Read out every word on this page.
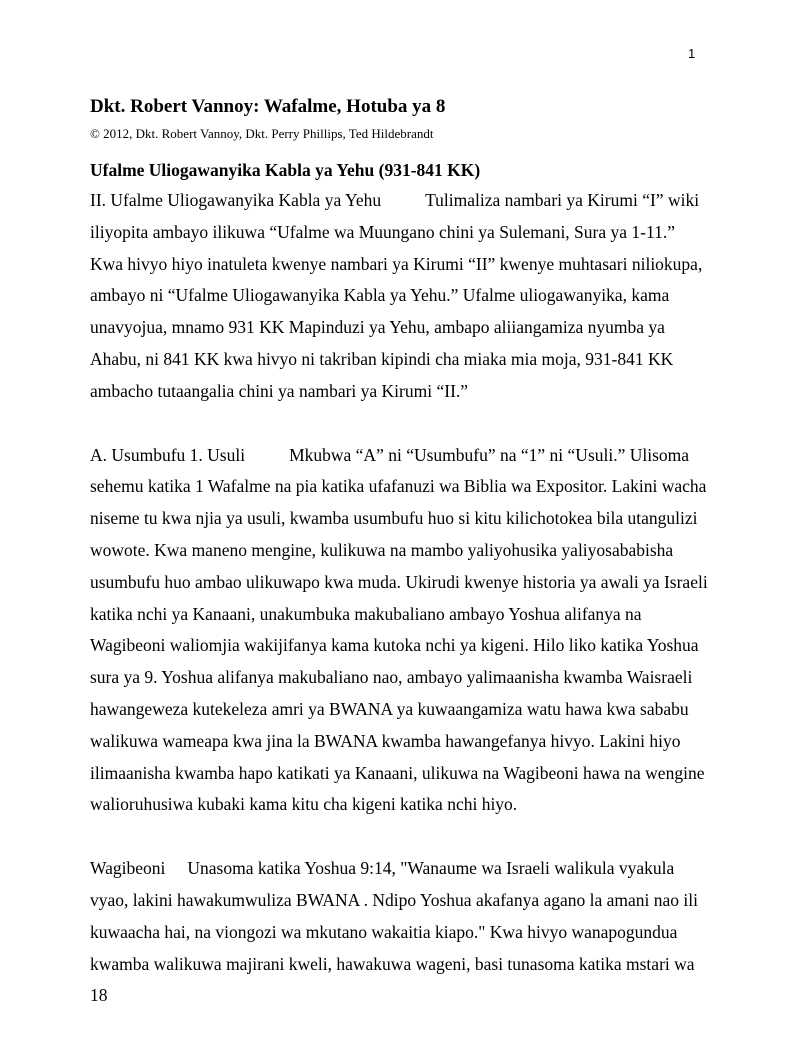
1
Dkt. Robert Vannoy: Wafalme, Hotuba ya 8
© 2012, Dkt. Robert Vannoy, Dkt. Perry Phillips, Ted Hildebrandt
Ufalme Uliogawanyika Kabla ya Yehu (931-841 KK)

II. Ufalme Uliogawanyika Kabla ya Yehu	Tulimaliza nambari ya Kirumi “I” wiki iliyopita ambayo ilikuwa “Ufalme wa Muungano chini ya Sulemani, Sura ya 1-11.” Kwa hivyo hiyo inatuleta kwenye nambari ya Kirumi “II” kwenye muhtasari niliokupa, ambayo ni “Ufalme Uliogawanyika Kabla ya Yehu.” Ufalme uliogawanyika, kama unavyojua, mnamo 931 KK Mapinduzi ya Yehu, ambapo aliiangamiza nyumba ya Ahabu, ni 841 KK kwa hivyo ni takriban kipindi cha miaka mia moja, 931-841 KK ambacho tutaangalia chini ya nambari ya Kirumi “II.”

A. Usumbufu 1. Usuli	Mkubwa “A” ni “Usumbufu” na “1” ni “Usuli.” Ulisoma sehemu katika 1 Wafalme na pia katika ufafanuzi wa Biblia wa Expositor. Lakini wacha niseme tu kwa njia ya usuli, kwamba usumbufu huo si kitu kilichotokea bila utangulizi wowote. Kwa maneno mengine, kulikuwa na mambo yaliyohusika yaliyosababisha usumbufu huo ambao ulikuwapo kwa muda. Ukirudi kwenye historia ya awali ya Israeli katika nchi ya Kanaani, unakumbuka makubaliano ambayo Yoshua alifanya na Wagibeoni waliomjia wakijifanya kama kutoka nchi ya kigeni. Hilo liko katika Yoshua sura ya 9. Yoshua alifanya makubaliano nao, ambayo yalimaanisha kwamba Waisraeli hawangeweza kutekeleza amri ya BWANA ya kuwaangamiza watu hawa kwa sababu walikuwa wameapa kwa jina la BWANA kwamba hawangefanya hivyo. Lakini hiyo ilimaanisha kwamba hapo katikati ya Kanaani, ulikuwa na Wagibeoni hawa na wengine walioruhusiwa kubaki kama kitu cha kigeni katika nchi hiyo.

Wagibeoni Unasoma katika Yoshua 9:14, "Wanaume wa Israeli walikula vyakula vyao, lakini hawakumwuliza BWANA . Ndipo Yoshua akafanya agano la amani nao ili kuwaacha hai, na viongozi wa mkutano wakaitia kiapo." Kwa hivyo wanapogundua kwamba walikuwa majirani kweli, hawakuwa wageni, basi tunasoma katika mstari wa 18
